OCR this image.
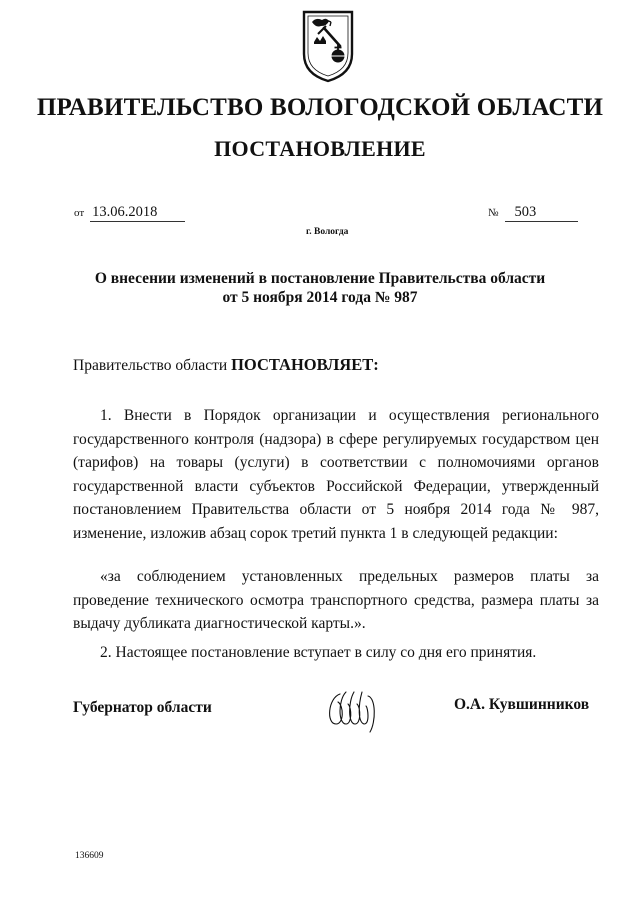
ПРАВИТЕЛЬСТВО ВОЛОГОДСКОЙ ОБЛАСТИ
ПОСТАНОВЛЕНИЕ
от 13.06.2018	№ 503
г. Вологда
О внесении изменений в постановление Правительства области
от 5 ноября 2014 года № 987
Правительство области ПОСТАНОВЛЯЕТ:
1. Внести в Порядок организации и осуществления регионального государственного контроля (надзора) в сфере регулируемых государством цен (тарифов) на товары (услуги) в соответствии с полномочиями органов государственной власти субъектов Российской Федерации, утвержденный постановлением Правительства области от 5 ноября 2014 года № 987, изменение, изложив абзац сорок третий пункта 1 в следующей редакции:
«за соблюдением установленных предельных размеров платы за проведение технического осмотра транспортного средства, размера платы за выдачу дубликата диагностической карты.».
2. Настоящее постановление вступает в силу со дня его принятия.
Губернатор области	О.А. Кувшинников
136609
